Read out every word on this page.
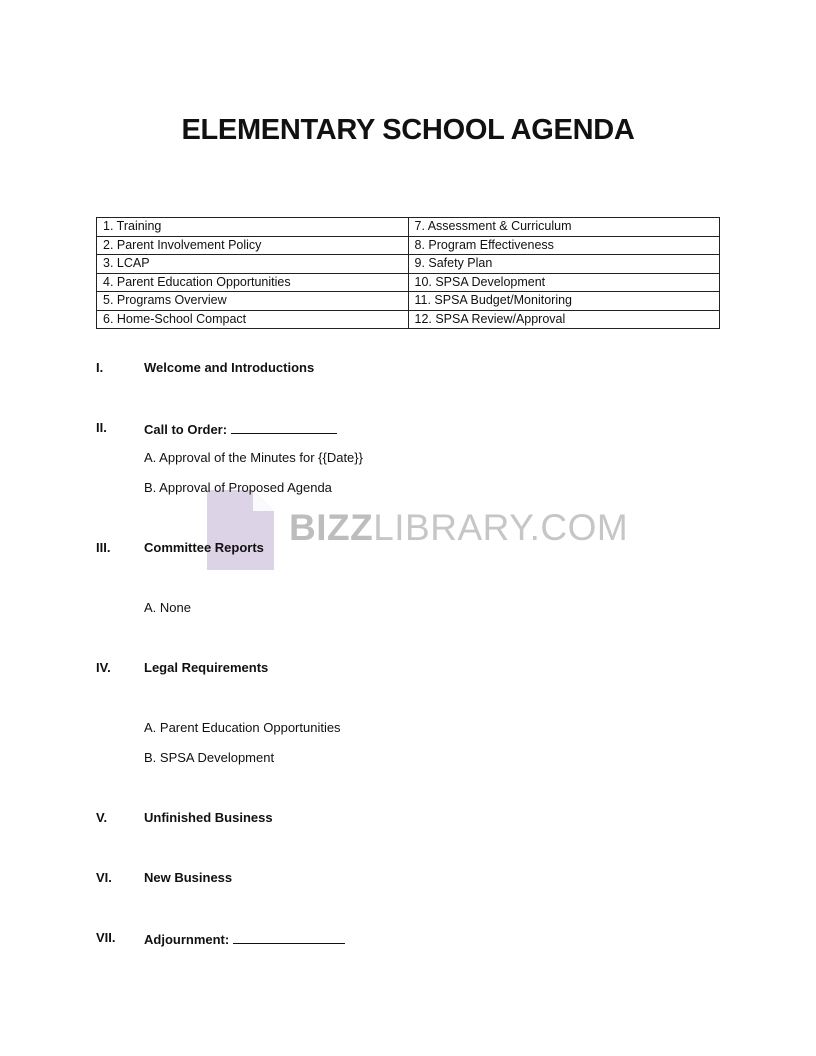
ELEMENTARY SCHOOL AGENDA
1. Training	7. Assessment & Curriculum
2. Parent Involvement Policy	8. Program Effectiveness
3. LCAP	9. Safety Plan
4. Parent Education Opportunities	10. SPSA Development
5. Programs Overview	11. SPSA Budget/Monitoring
6. Home-School Compact	12. SPSA Review/Approval
BIZZLIBRARY.COM
I.	Welcome and Introductions
II.	Call to Order:
A. Approval of the Minutes for {{Date}}
B. Approval of Proposed Agenda
III.	Committee Reports
A. None
IV.	Legal Requirements
A. Parent Education Opportunities
B. SPSA Development
V.	Unfinished Business
VI. New Business
VII. Adjournment:
